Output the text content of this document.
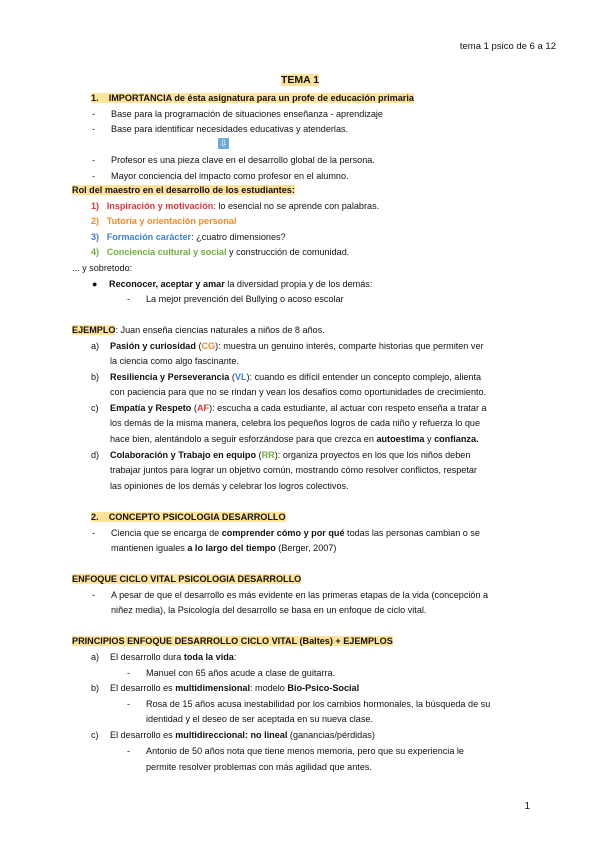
tema 1 psico de 6 a 12
TEMA 1
1. IMPORTANCIA de ésta asignatura para un profe de educación primaria
- Base para la programación de situaciones enseñanza - aprendizaje
- Base para identificar necesidades educativas y atenderlas.
⇩
- Profesor es una pieza clave en el desarrollo global de la persona.
- Mayor conciencia del impacto como profesor en el alumno.
Rol del maestro en el desarrollo de los estudiantes:
1) Inspiración y motivación: lo esencial no se aprende con palabras.
2) Tutoría y orientación personal
3) Formación carácter: ¿cuatro dimensiones?
4) Conciencia cultural y social y construcción de comunidad.
... y sobretodo:
● Reconocer, aceptar y amar la diversidad propia y de los demás:
- La mejor prevención del Bullying o acoso escolar
EJEMPLO: Juan enseña ciencias naturales a niños de 8 años.
a) Pasión y curiosidad (CG): muestra un genuino interés, comparte historias que permiten ver
la ciencia como algo fascinante.
b) Resiliencia y Perseverancia (VL): cuando es difícil entender un concepto complejo, alienta
con paciencia para que no se rindan y vean los desafíos como oportunidades de crecimiento.
c) Empatía y Respeto (AF): escucha a cada estudiante, al actuar con respeto enseña a tratar a
los demás de la misma manera, celebra los pequeños logros de cada niño y refuerza lo que
hace bien, alentándolo a seguir esforzándose para que crezca en autoestima y confianza.
d) Colaboración y Trabajo en equipo (RR): organiza proyectos en los que los niños deben
trabajar juntos para lograr un objetivo común, mostrando cómo resolver conflictos, respetar
las opiniones de los demás y celebrar los logros colectivos.
2. CONCEPTO PSICOLOGIA DESARROLLO
- Ciencia que se encarga de comprender cómo y por qué todas las personas cambian o se
mantienen iguales a lo largo del tiempo (Berger, 2007)
ENFOQUE CICLO VITAL PSICOLOGIA DESARROLLO
- A pesar de que el desarrollo es más evidente en las primeras etapas de la vida (concepción a
niñez media), la Psicología del desarrollo se basa en un enfoque de ciclo vital.
PRINCIPIOS ENFOQUE DESARROLLO CICLO VITAL (Baltes) + EJEMPLOS
a) El desarrollo dura toda la vida:
- Manuel con 65 años acude a clase de guitarra.
b) El desarrollo es multidimensional: modelo Bio-Psico-Social
- Rosa de 15 años acusa inestabilidad por los cambios hormonales, la búsqueda de su
identidad y el deseo de ser aceptada en su nueva clase.
c) El desarrollo es multidireccional: no lineal (ganancias/pérdidas)
- Antonio de 50 años nota que tiene menos memoria, pero que su experiencia le
permite resolver problemas con más agilidad que antes.
1
